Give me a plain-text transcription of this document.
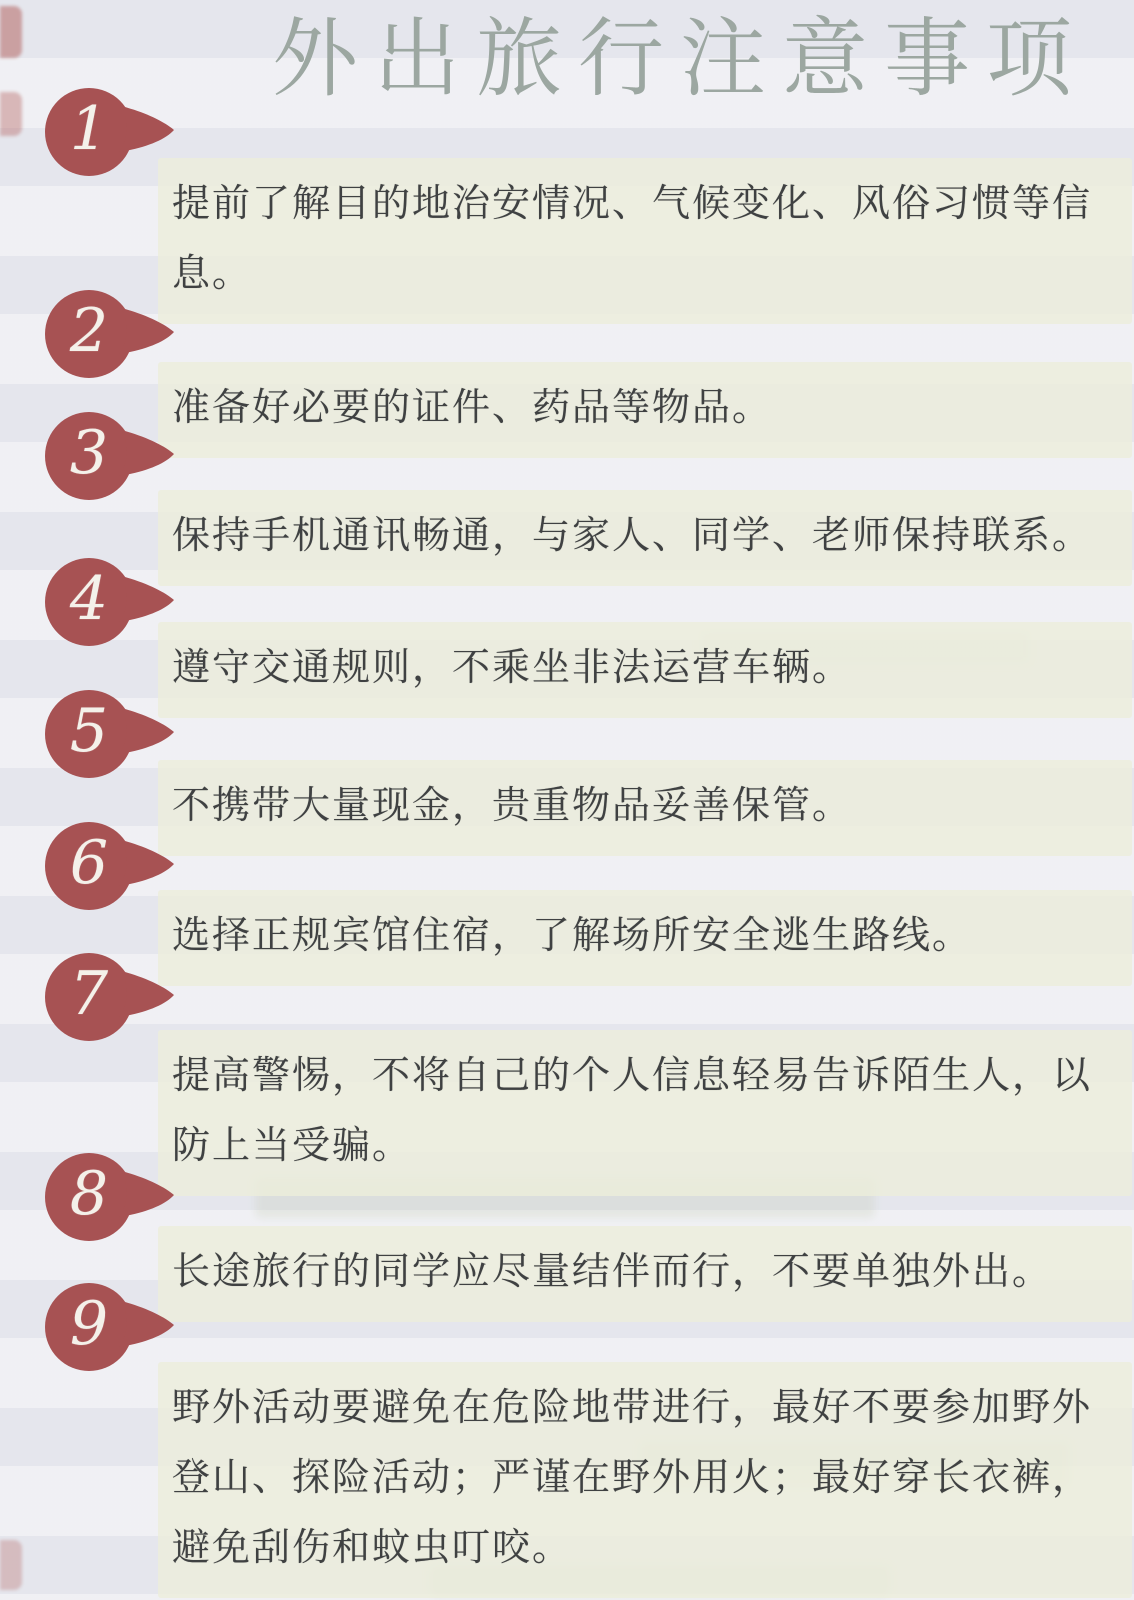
外出旅行注意事项
1
提前了解目的地治安情况、气候变化、风俗习惯等信息。
2
准备好必要的证件、药品等物品。
3
保持手机通讯畅通，与家人、同学、老师保持联系。
4
遵守交通规则，不乘坐非法运营车辆。
5
不携带大量现金，贵重物品妥善保管。
6
选择正规宾馆住宿，了解场所安全逃生路线。
7
提高警惕，不将自己的个人信息轻易告诉陌生人，以防上当受骗。
8
长途旅行的同学应尽量结伴而行，不要单独外出。
9
野外活动要避免在危险地带进行，最好不要参加野外登山、探险活动；严谨在野外用火；最好穿长衣裤，避免刮伤和蚊虫叮咬。
